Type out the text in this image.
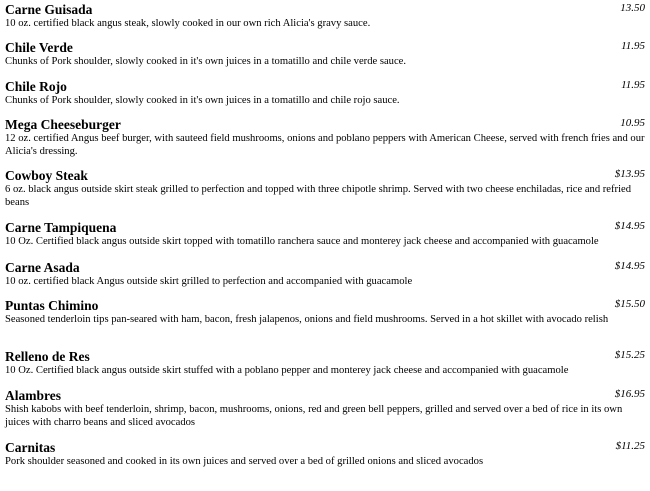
Carne Guisada	13.50
10 oz. certified black angus steak, slowly cooked in our own rich Alicia's gravy sauce.
Chile Verde	11.95
Chunks of Pork shoulder, slowly cooked in it's own juices in a tomatillo and chile verde sauce.
Chile Rojo	11.95
Chunks of Pork shoulder, slowly cooked in it's own juices in a tomatillo and chile rojo sauce.
Mega Cheeseburger	10.95
12 oz. certified Angus beef burger, with sauteed field mushrooms, onions and poblano peppers with American Cheese, served with french fries and our Alicia's dressing.
Cowboy Steak	$13.95
6 oz. black angus outside skirt steak grilled to perfection and topped with three chipotle shrimp. Served with two cheese enchiladas, rice and refried beans
Carne Tampiquena	$14.95
10 Oz. Certified black angus outside skirt topped with tomatillo ranchera sauce and monterey jack cheese and accompanied with guacamole
Carne Asada	$14.95
10 oz. certified black Angus outside skirt grilled to perfection and accompanied with guacamole
Puntas Chimino	$15.50
Seasoned tenderloin tips pan-seared with ham, bacon, fresh jalapenos, onions and field mushrooms. Served in a hot skillet with avocado relish
Relleno de Res	$15.25
10 Oz. Certified black angus outside skirt stuffed with a poblano pepper and monterey jack cheese and accompanied with guacamole
Alambres	$16.95
Shish kabobs with beef tenderloin, shrimp, bacon, mushrooms, onions, red and green bell peppers, grilled and served over a bed of rice in its own juices with charro beans and sliced avocados
Carnitas	$11.25
Pork shoulder seasoned and cooked in its own juices and served over a bed of grilled onions and sliced avocados
